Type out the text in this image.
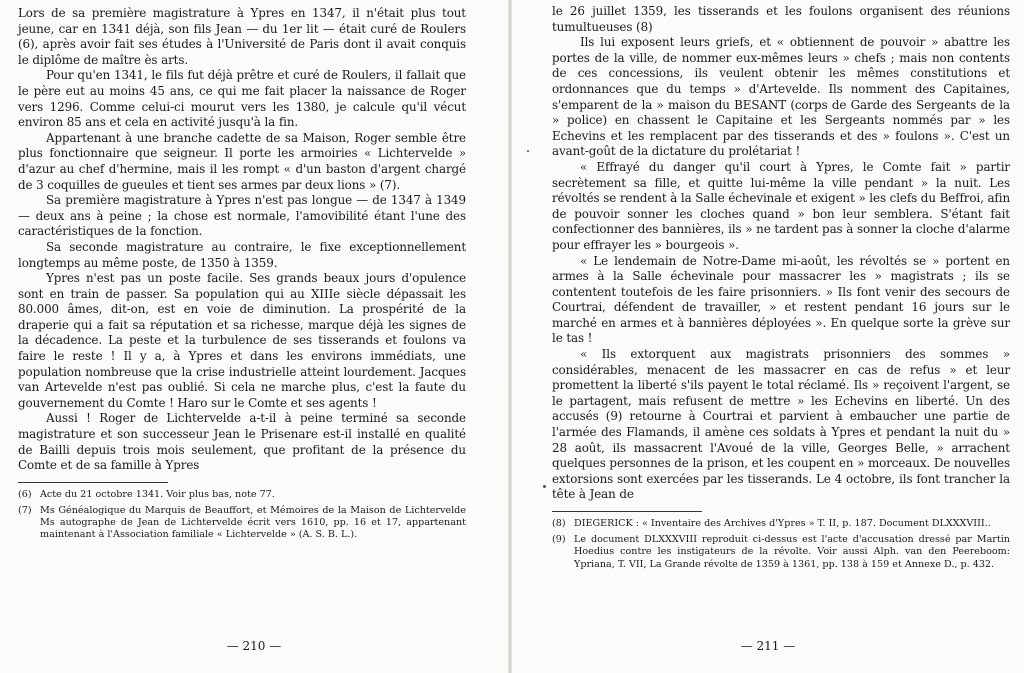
Lors de sa première magistrature à Ypres en 1347, il n'était plus tout jeune, car en 1341 déjà, son fils Jean — du 1er lit — était curé de Roulers (6), après avoir fait ses études à l'Université de Paris dont il avait conquis le diplôme de maître ès arts.

Pour qu'en 1341, le fils fut déjà prêtre et curé de Roulers, il fallait que le père eut au moins 45 ans, ce qui me fait placer la naissance de Roger vers 1296. Comme celui-ci mourut vers les 1380, je calcule qu'il vécut environ 85 ans et cela en activité jusqu'à la fin.

Appartenant à une branche cadette de sa Maison, Roger semble être plus fonctionnaire que seigneur. Il porte les armoiries « Lichtervelde » d'azur au chef d'hermine, mais il les rompt « d'un baston d'argent chargé de 3 coquilles de gueules et tient ses armes par deux lions » (7).

Sa première magistrature à Ypres n'est pas longue — de 1347 à 1349 — deux ans à peine ; la chose est normale, l'amovibilité étant l'une des caractéristiques de la fonction.

Sa seconde magistrature au contraire, le fixe exceptionnellement longtemps au même poste, de 1350 à 1359.

Ypres n'est pas un poste facile. Ses grands beaux jours d'opulence sont en train de passer. Sa population qui au XIIIe siècle dépassait les 80.000 âmes, dit-on, est en voie de diminution. La prospérité de la draperie qui a fait sa réputation et sa richesse, marque déjà les signes de la décadence. La peste et la turbulence de ses tisserands et foulons va faire le reste ! Il y a, à Ypres et dans les environs immédiats, une population nombreuse que la crise industrielle atteint lourdement. Jacques van Artevelde n'est pas oublié. Si cela ne marche plus, c'est la faute du gouvernement du Comte ! Haro sur le Comte et ses agents !

Aussi ! Roger de Lichtervelde a-t-il à peine terminé sa seconde magistrature et son successeur Jean le Prisenare est-il installé en qualité de Bailli depuis trois mois seulement, que profitant de la présence du Comte et de sa famille à Ypres

(6) Acte du 21 octobre 1341. Voir plus bas, note 77.
(7) Ms Généalogique du Marquis de Beauffort, et Mémoires de la Maison de Lichtervelde Ms autographe de Jean de Lichtervelde écrit vers 1610, pp. 16 et 17, appartenant maintenant à l'Association familiale « Lichtervelde » (A. S. B. L.).
— 210 —

le 26 juillet 1359, les tisserands et les foulons organisent des réunions tumultueuses (8)

Ils lui exposent leurs griefs, et « obtiennent de pouvoir » abattre les portes de la ville, de nommer eux-mêmes leurs » chefs ; mais non contents de ces concessions, ils veulent obtenir les mêmes constitutions et ordonnances que du temps » d'Artevelde. Ils nomment des Capitaines, s'emparent de la » maison du BESANT (corps de Garde des Sergeants de la » police) en chassent le Capitaine et les Sergeants nommés par » les Echevins et les remplacent par des tisserands et des » foulons ». C'est un avant-goût de la dictature du prolétariat !

« Effrayé du danger qu'il court à Ypres, le Comte fait » partir secrètement sa fille, et quitte lui-même la ville pendant » la nuit. Les révoltés se rendent à la Salle échevinale et exigent » les clefs du Beffroi, afin de pouvoir sonner les cloches quand » bon leur semblera. S'étant fait confectionner des bannières, ils » ne tardent pas à sonner la cloche d'alarme pour effrayer les » bourgeois ».

« Le lendemain de Notre-Dame mi-août, les révoltés se » portent en armes à la Salle échevinale pour massacrer les » magistrats ; ils se contentent toutefois de les faire prisonniers. » Ils font venir des secours de Courtrai, défendent de travailler, » et restent pendant 16 jours sur le marché en armes et à bannières déployées ». En quelque sorte la grève sur le tas !

« Ils extorquent aux magistrats prisonniers des sommes » considérables, menacent de les massacrer en cas de refus » et leur promettent la liberté s'ils payent le total réclamé. Ils » reçoivent l'argent, se le partagent, mais refusent de mettre » les Echevins en liberté. Un des accusés (9) retourne à Courtrai et parvient à embaucher une partie de l'armée des Flamands, il amène ces soldats à Ypres et pendant la nuit du » 28 août, ils massacrent l'Avoué de la ville, Georges Belle, » arrachent quelques personnes de la prison, et les coupent en » morceaux. De nouvelles extorsions sont exercées par les tisserands. Le 4 octobre, ils font trancher la tête à Jean de

(8) DIEGERICK : « Inventaire des Archives d'Ypres » T. II, p. 187. Document DLXXXVIII..
(9) Le document DLXXXVIII reproduit ci-dessus est l'acte d'accusation dressé par Martin Hoedius contre les instigateurs de la révolte. Voir aussi Alph. van den Peereboom: Ypriana, T. VII, La Grande révolte de 1359 à 1361, pp. 138 à 159 et Annexe D., p. 432.
— 211 —
